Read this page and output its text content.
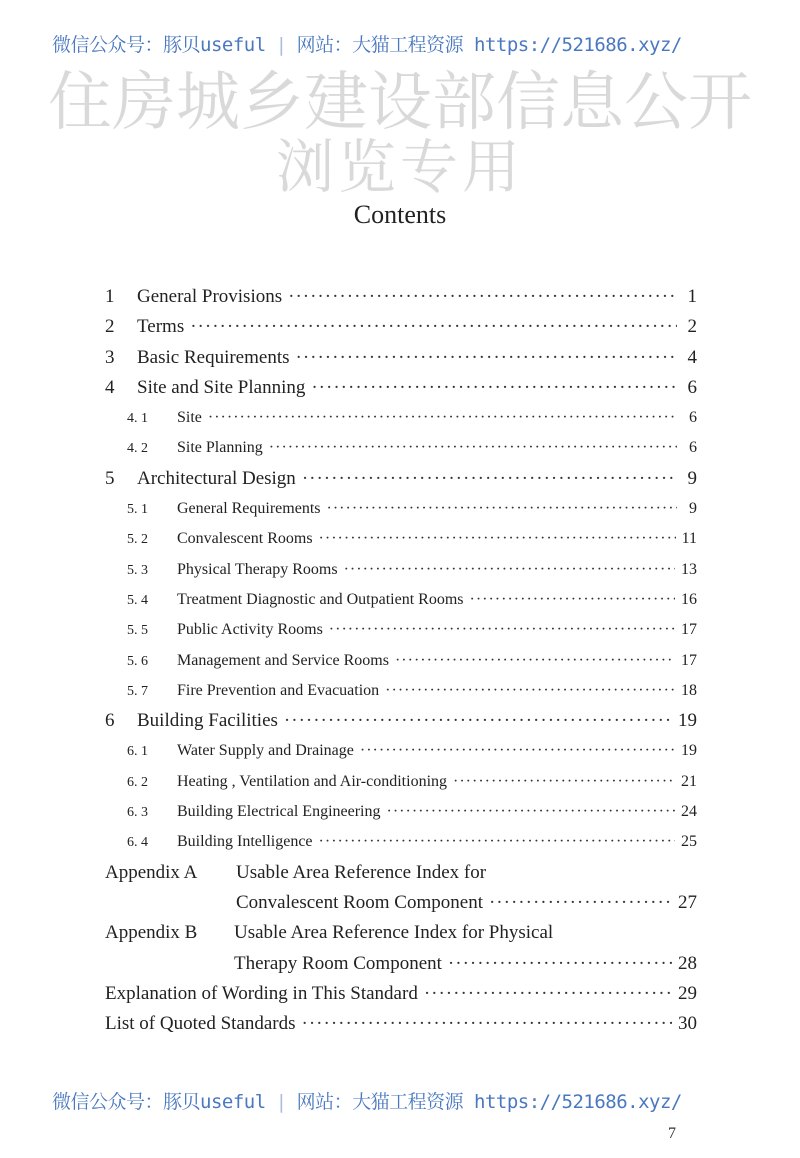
微信公众号：豚贝useful | 网站：大猫工程资源 https://521686.xyz/
住房城乡建设部信息公开
浏览专用
Contents
1	General Provisions ·····	1
2	Terms ·····	2
3	Basic Requirements ·····	4
4	Site and Site Planning ·····	6
4. 1	Site ·····	6
4. 2	Site Planning ·····	6
5	Architectural Design ·····	9
5. 1	General Requirements ·····	9
5. 2	Convalescent Rooms ·····	11
5. 3	Physical Therapy Rooms ·····	13
5. 4	Treatment Diagnostic and Outpatient Rooms ·····	16
5. 5	Public Activity Rooms ·····	17
5. 6	Management and Service Rooms ·····	17
5. 7	Fire Prevention and Evacuation ·····	18
6	Building Facilities ·····	19
6. 1	Water Supply and Drainage ·····	19
6. 2	Heating , Ventilation and Air-conditioning ·····	21
6. 3	Building Electrical Engineering ·····	24
6. 4	Building Intelligence ·····	25
Appendix A	Usable Area Reference Index for
Convalescent Room Component ·····	27
Appendix B	Usable Area Reference Index for Physical
Therapy Room Component ·····	28
Explanation of Wording in This Standard ·····	29
List of Quoted Standards ·····	30
微信公众号：豚贝useful | 网站：大猫工程资源 https://521686.xyz/
7
